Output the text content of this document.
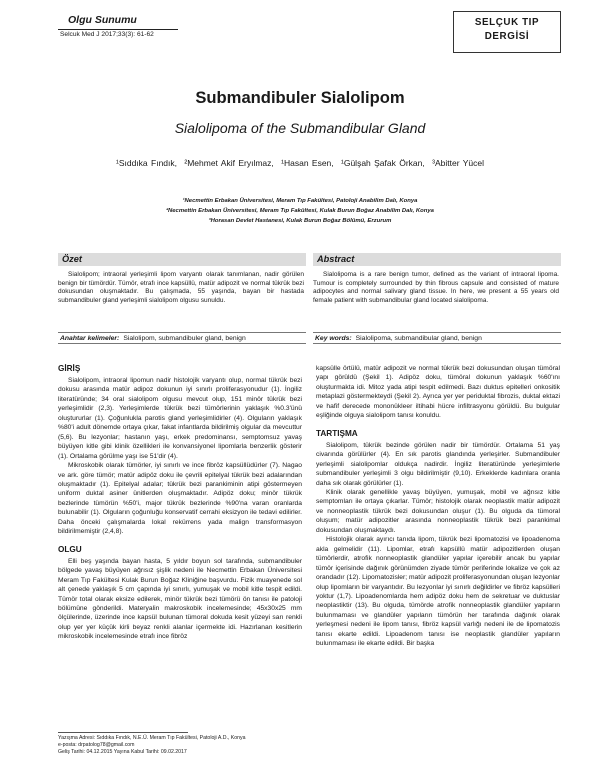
Olgu Sunumu
Selcuk Med J 2017;33(3): 61-62
SELÇUK TIP
DERGİSİ
Submandibuler Sialolipom
Sialolipoma of the Submandibular Gland
¹Sıddıka Fındık, ²Mehmet Akif Eryılmaz, ¹Hasan Esen, ¹Gülşah Şafak Örkan, ³Abitter Yücel
¹Necmettin Erbakan Üniversitesi, Meram Tıp Fakültesi, Patoloji Anabilim Dalı, Konya
²Necmettin Erbakan Üniversitesi, Meram Tıp Fakültesi, Kulak Burun Boğaz Anabilim Dalı, Konya
³Horasan Devlet Hastanesi, Kulak Burun Boğaz Bölümü, Erzurum
Özet	Abstract
Sialolipom; intraoral yerleşimli lipom varyantı olarak tanımlanan, nadir görülen benign bir tümördür. Tümör, etrafı ince kapsüllü, matür adipozit ve normal tükrük bezi dokusundan oluşmaktadır. Bu çalışmada, 55 yaşında, bayan bir hastada submandibuler gland yerleşimli sialolipom olgusu sunuldu.
Sialolipoma is a rare benign tumor, defined as the variant of intraoral lipoma. Tumour is completely surrounded by thin fibrous capsule and consisted of mature adipocytes and normal salivary gland tissue. In here, we present a 55 years old female patient with submandibular gland located sialolipoma.
Anahtar kelimeler: Sialolipom, submandibuler gland, benign	Key words: Sialolipoma, submandibular gland, benign
GİRİŞ

Sialolipom, intraoral lipomun nadir histolojik varyantı olup, normal tükrük bezi dokusu arasında matür adipoz dokunun iyi sınırlı proliferasyonudur (1). İngiliz literatüründe; 34 oral sialolipom olgusu mevcut olup, 151 minör tükrük bezi yerleşimlidir (2,3). Yerleşimlerde tükrük bezi tümörlerinin yaklaşık %0.3'ünü oluştururlar (1). Çoğunlukla parotis gland yerleşimlidirler (4). Olguların yaklaşık %80'i adult dönemde ortaya çıkar, fakat infantlarda bildirilmiş olgular da mevcuttur (5,6). Bu lezyonlar; hastanın yaşı, erkek predominansı, semptomsuz yavaş büyüyen kitle gibi klinik özellikleri ile konvansiyonel lipomlarla benzerlik gösterir (1). Ortalama görülme yaşı ise 51'dir (4).

Mikroskobik olarak tümörler, iyi sınırlı ve ince fibröz kapsüllüdürler (7). Nagao ve ark. göre tümör; matür adipöz doku ile çevrili epitelyal tükrük bezi adalarından oluşmaktadır (1). Epitelyal adalar; tükrük bezi parankiminin atipi göstermeyen uniform duktal asiner ünitlerden oluşmaktadır. Adipöz doku; minör tükrük bezlerinde tümörün %50'i, major tükrük bezlerinde %90'na varan oranlarda bulunabilir (1). Olguların çoğunluğu konservatif cerrahi eksizyon ile tedavi edilirler. Daha önceki çalışmalarda lokal rekürrens yada malign transformasyon bildirilmemiştir (2,4,8).

OLGU

Elli beş yaşında bayan hasta, 5 yıldır boyun sol tarafında, submandibuler bölgede yavaş büyüyen ağrısız şişlik nedeni ile Necmettin Erbakan Üniversitesi Meram Tıp Fakültesi Kulak Burun Boğaz Kliniğine başvurdu. Fizik muayenede sol alt çenede yaklaşık 5 cm çapında iyi sınırlı, yumuşak ve mobil kitle tespit edildi. Tümör total olarak eksize edilerek, minör tükrük bezi tümörü ön tanısı ile patoloji bölümüne gönderildi. Materyalin makroskobik incelemesinde; 45x30x25 mm ölçülerinde, üzerinde ince kapsül bulunan tümoral dokuda kesit yüzeyi sarı renkli olup yer yer küçük kirli beyaz renkli alanlar içermekte idi. Hazırlanan kesitlerin mikroskobik incelemesinde etrafı ince fibröz

kapsülle örtülü, matür adipozit ve normal tükrük bezi dokusundan oluşan tümöral yapı görüldü (Şekil 1). Adipöz doku, tümöral dokunun yaklaşık %60'ını oluşturmakta idi. Mitoz yada atipi tespit edilmedi. Bazı duktus epitelleri onkositik metaplazi göstermekteydi (Şekil 2). Ayrıca yer yer periduktal fibrozis, duktal ektazi ve hafif derecede mononükleer iltihabi hücre infiltrasyonu görüldü. Bu bulgular eşliğinde olguya sialolipom tanısı konuldu.

TARTIŞMA

Sialolipom, tükrük bezinde görülen nadir bir tümördür. Ortalama 51 yaş civarında görülürler (4). En sık parotis glandında yerleşirler. Submandibuler yerleşimli sialolipomlar oldukça nadirdir. İngiliz literatüründe yerleşimlerle submandibuler yerleşimli 3 olgu bildirilmiştir (9,10). Erkeklerde kadınlara oranla daha sık olarak görülürler (1).

Klinik olarak genellikle yavaş büyüyen, yumuşak, mobil ve ağrısız kitle semptomları ile ortaya çıkarlar. Tümör; histolojik olarak neoplastik matür adipozit ve nonneoplastik tükrük bezi dokusundan oluşur (1). Bu olguda da tümoral oluşum; matür adipozitler arasında nonneoplastik tükrük bezi parankimal dokusundan oluşmaktaydı.

Histolojik olarak ayırıcı tanıda lipom, tükrük bezi lipomatozisi ve lipoadenoma akla gelmelidir (11). Lipomlar, etrafı kapsüllü matür adipozitlerden oluşan tümörlerdir, atrofik nonneoplastik glandüler yapılar içerebilir ancak bu yapılar tümör içerisinde dağınık görünümden ziyade tümör periferinde lokalize ve çok az orandadır (12). Lipomatozisler; matür adipozit proliferasyonundan oluşan lezyonlar olup lipomların bir varyantıdır. Bu lezyonlar iyi sınırlı değildirler ve fibröz kapsülleri yoktur (1,7). Lipoadenomlarda hem adipöz doku hem de sekretuar ve duktuslar neoplastiktir (13). Bu olguda, tümörde atrofik nonneoplastik glandüler yapıların bulunmaması ve glandüler yapıların tümörün her tarafında dağınık olarak yerleşmesi nedeni ile lipom tanısı, fibröz kapsül varlığı nedeni ile de lipomatozis tanısı ekarte edildi. Lipoadenom tanısı ise neoplastik glandüler yapıların bulunmaması ile ekarte edildi. Bir başka

Yazışma Adresi: Sıddıka Fındık, N.E.Ü. Meram Tıp Fakültesi, Patoloji A.D., Konya
e-posta: drpatolog78@gmail.com
Geliş Tarihi: 04.12.2015 Yayına Kabul Tarihi: 09.02.2017
